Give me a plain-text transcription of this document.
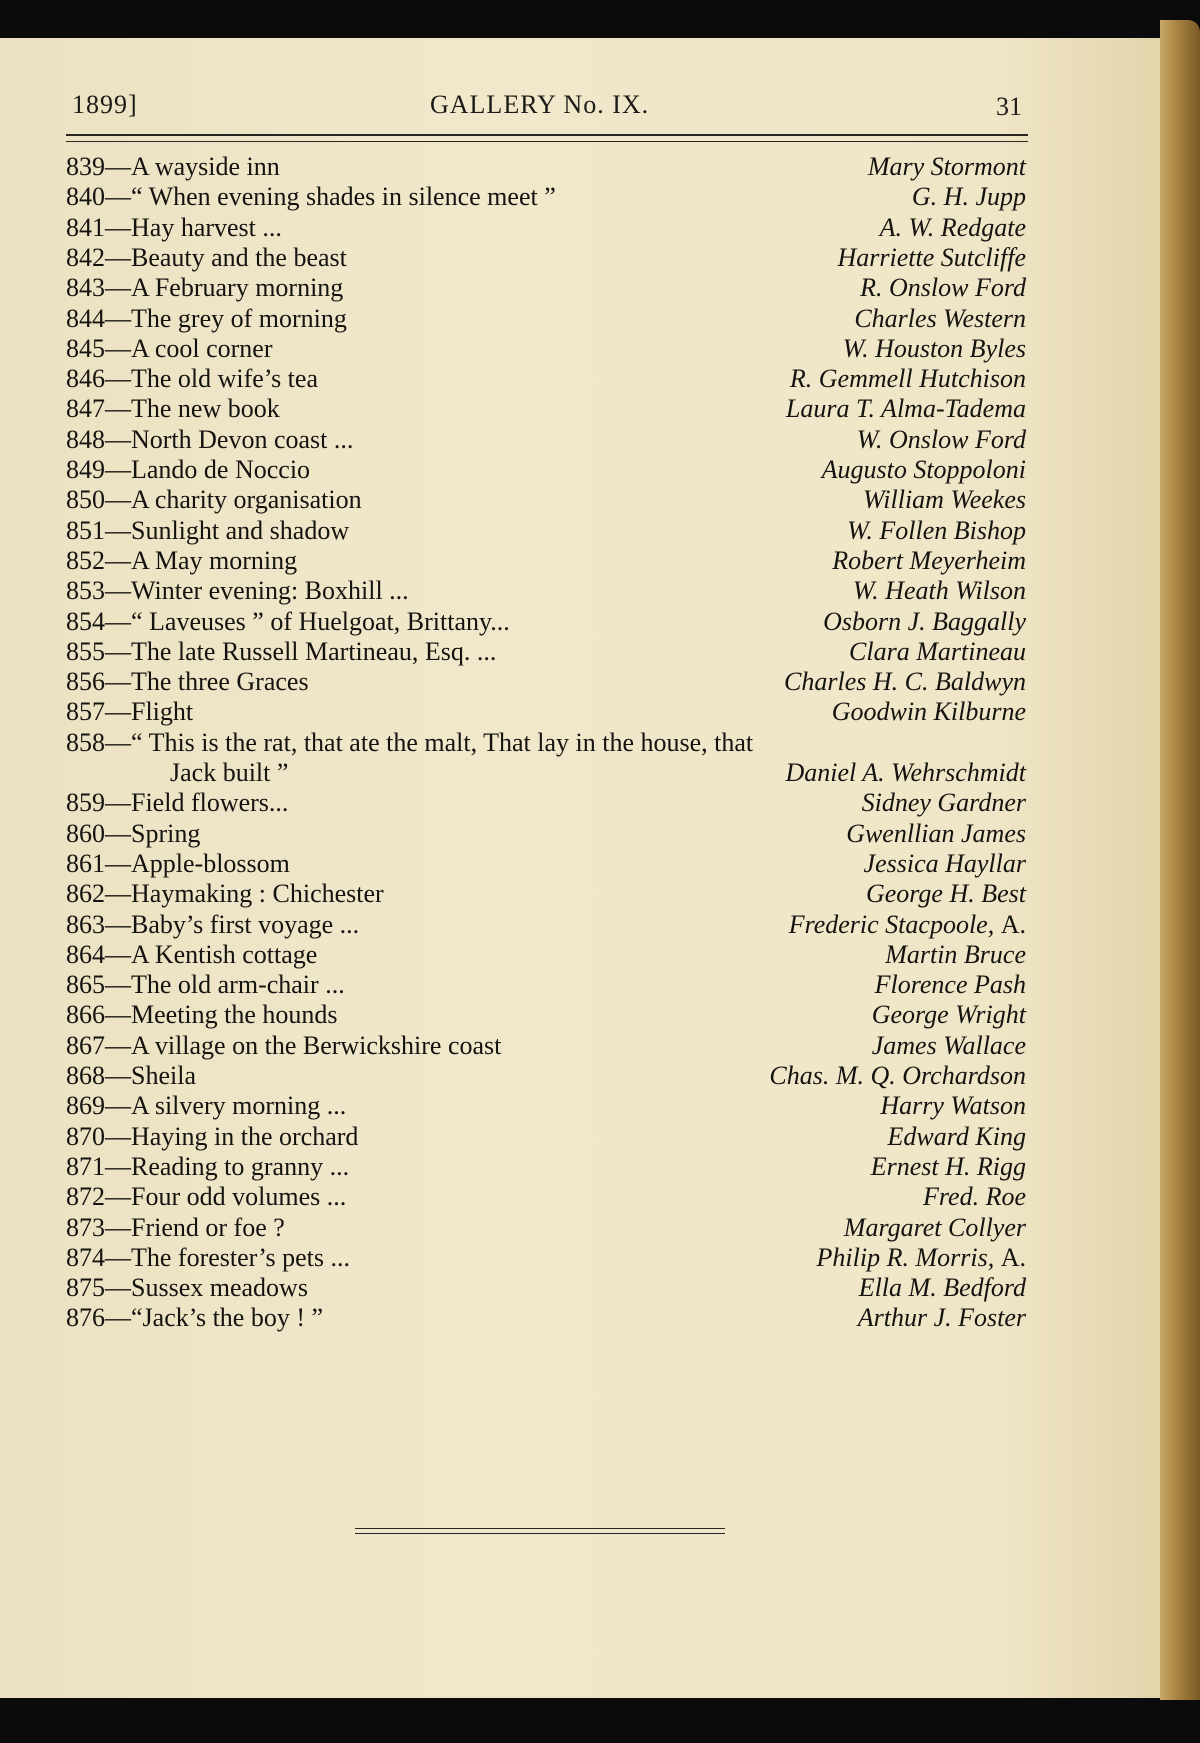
1899]	GALLERY No. IX.	31
839—A wayside inn	Mary Stormont
840—“ When evening shades in silence meet ”	G. H. Jupp
841—Hay harvest ...	A. W. Redgate
842—Beauty and the beast	Harriette Sutcliffe
843—A February morning	R. Onslow Ford
844—The grey of morning	Charles Western
845—A cool corner	W. Houston Byles
846—The old wife’s tea	R. Gemmell Hutchison
847—The new book	Laura T. Alma-Tadema
848—North Devon coast ...	W. Onslow Ford
849—Lando de Noccio	Augusto Stoppoloni
850—A charity organisation	William Weekes
851—Sunlight and shadow	W. Follen Bishop
852—A May morning	Robert Meyerheim
853—Winter evening: Boxhill ...	W. Heath Wilson
854—“ Laveuses ” of Huelgoat, Brittany...	Osborn J. Baggally
855—The late Russell Martineau, Esq. ...	Clara Martineau
856—The three Graces	Charles H. C. Baldwyn
857—Flight	Goodwin Kilburne
858—“ This is the rat, that ate the malt, That lay in the house, that
Jack built ”	Daniel A. Wehrschmidt
859—Field flowers...	Sidney Gardner
860—Spring	Gwenllian James
861—Apple-blossom	Jessica Hayllar
862—Haymaking : Chichester	George H. Best
863—Baby’s first voyage ...	Frederic Stacpoole, A.
864—A Kentish cottage	Martin Bruce
865—The old arm-chair ...	Florence Pash
866—Meeting the hounds	George Wright
867—A village on the Berwickshire coast	James Wallace
868—Sheila	Chas. M. Q. Orchardson
869—A silvery morning ...	Harry Watson
870—Haying in the orchard	Edward King
871—Reading to granny ...	Ernest H. Rigg
872—Four odd volumes ...	Fred. Roe
873—Friend or foe ?	Margaret Collyer
874—The forester’s pets ...	Philip R. Morris, A.
875—Sussex meadows	Ella M. Bedford
876—“Jack’s the boy ! ”	Arthur J. Foster
